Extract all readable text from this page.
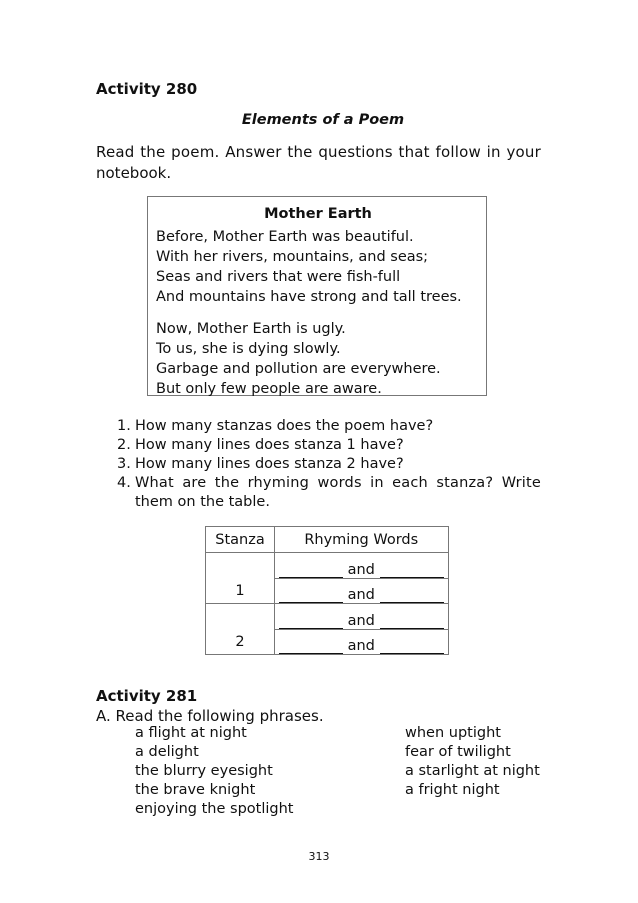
Activity 280
Elements of a Poem
Read the poem. Answer the questions that follow in your
notebook.
Mother Earth
Before, Mother Earth was beautiful.
With her rivers, mountains, and seas;
Seas and rivers that were fish-full
And mountains have strong and tall trees.
Now, Mother Earth is ugly.
To us, she is dying slowly.
Garbage and pollution are everywhere.
But only few people are aware.
1. How many stanzas does the poem have?
2. How many lines does stanza 1 have?
3. How many lines does stanza 2 have?
4. What are the rhyming words in each stanza? Write
them on the table.
Stanza	Rhyming Words
1	and

and

2	and

and

Activity 281
A. Read the following phrases.
a flight at night
a delight
the blurry eyesight
the brave knight
enjoying the spotlight
when uptight
fear of twilight
a starlight at night
a fright night
313
